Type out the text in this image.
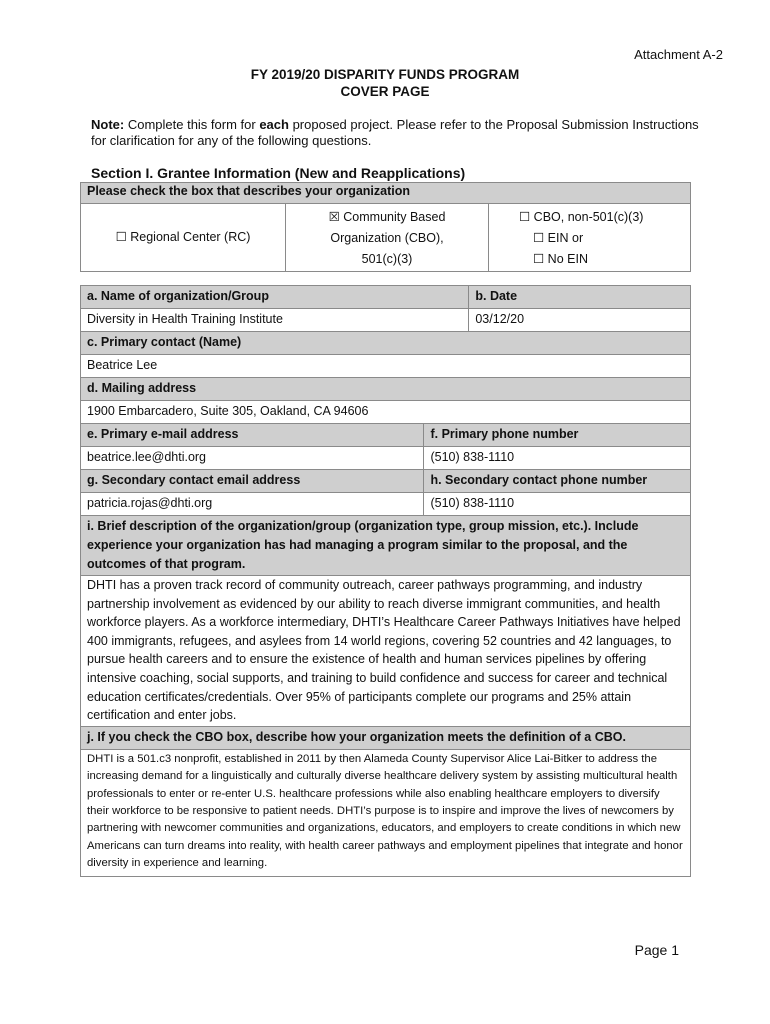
Attachment A-2
FY 2019/20 DISPARITY FUNDS PROGRAM
COVER PAGE
Note: Complete this form for each proposed project. Please refer to the Proposal Submission Instructions for clarification for any of the following questions.
Section I. Grantee Information (New and Reapplications)
Please check the box that describes your organization
☐ Regional Center (RC)	
☒ Community Based
Organization (CBO),
501(c)(3)

☐ CBO, non-501(c)(3)
☐ EIN or
☐ No EIN
a. Name of organization/Group		b. Date
Diversity in Health Training Institute		03/12/20
c. Primary contact (Name)		
Beatrice Lee		
d. Mailing address		
1900 Embarcadero, Suite 305, Oakland, CA 94606		
e. Primary e-mail address	f. Primary phone number	
beatrice.lee@dhti.org	(510) 838-1110	
g. Secondary contact email address	h. Secondary contact phone number	
patricia.rojas@dhti.org	(510) 838-1110	
i. Brief description of the organization/group (organization type, group mission, etc.). Include experience your organization has had managing a program similar to the proposal, and the outcomes of that program.		
DHTI has a proven track record of community outreach, career pathways programming, and industry partnership involvement as evidenced by our ability to reach diverse immigrant communities, and health workforce players. As a workforce intermediary, DHTI’s Healthcare Career Pathways Initiatives have helped 400 immigrants, refugees, and asylees from 14 world regions, covering 52 countries and 42 languages, to pursue health careers and to ensure the existence of health and human services pipelines by offering intensive coaching, social supports, and training to build confidence and success for career and technical education certificates/credentials. Over 95% of participants complete our programs and 25% attain certification and enter jobs.		
j. If you check the CBO box, describe how your organization meets the definition of a CBO.		
DHTI is a 501.c3 nonprofit, established in 2011 by then Alameda County Supervisor Alice Lai-Bitker to address the increasing demand for a linguistically and culturally diverse healthcare delivery system by assisting multicultural health professionals to enter or re-enter U.S. healthcare professions while also enabling healthcare employers to diversify their workforce to be responsive to patient needs. DHTI’s purpose is to inspire and improve the lives of newcomers by partnering with newcomer communities and organizations, educators, and employers to create conditions in which new Americans can turn dreams into reality, with health career pathways and employment pipelines that integrate and honor diversity in experience and learning.		
Page 1
